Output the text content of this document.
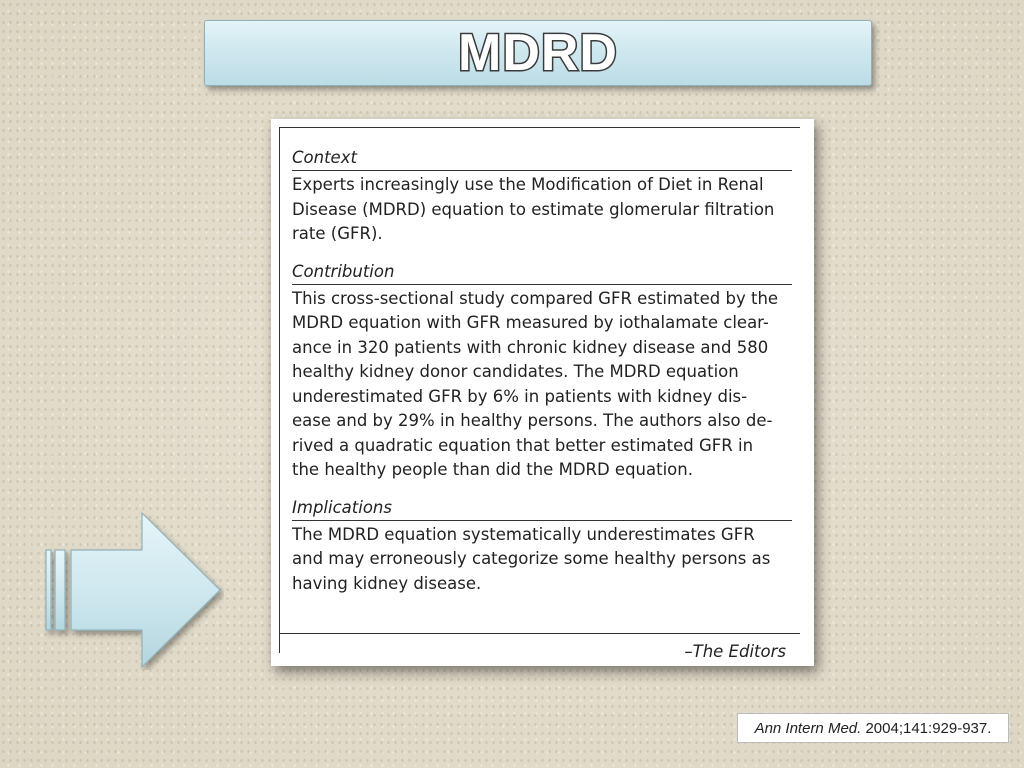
MDRD
Context
Experts increasingly use the Modification of Diet in Renal
Disease (MDRD) equation to estimate glomerular filtration
rate (GFR).
Contribution
This cross-sectional study compared GFR estimated by the
MDRD equation with GFR measured by iothalamate clear-
ance in 320 patients with chronic kidney disease and 580
healthy kidney donor candidates. The MDRD equation
underestimated GFR by 6% in patients with kidney dis-
ease and by 29% in healthy persons. The authors also de-
rived a quadratic equation that better estimated GFR in
the healthy people than did the MDRD equation.
Implications
The MDRD equation systematically underestimates GFR
and may erroneously categorize some healthy persons as
having kidney disease.
–The Editors
Ann Intern Med. 2004;141:929-937.
